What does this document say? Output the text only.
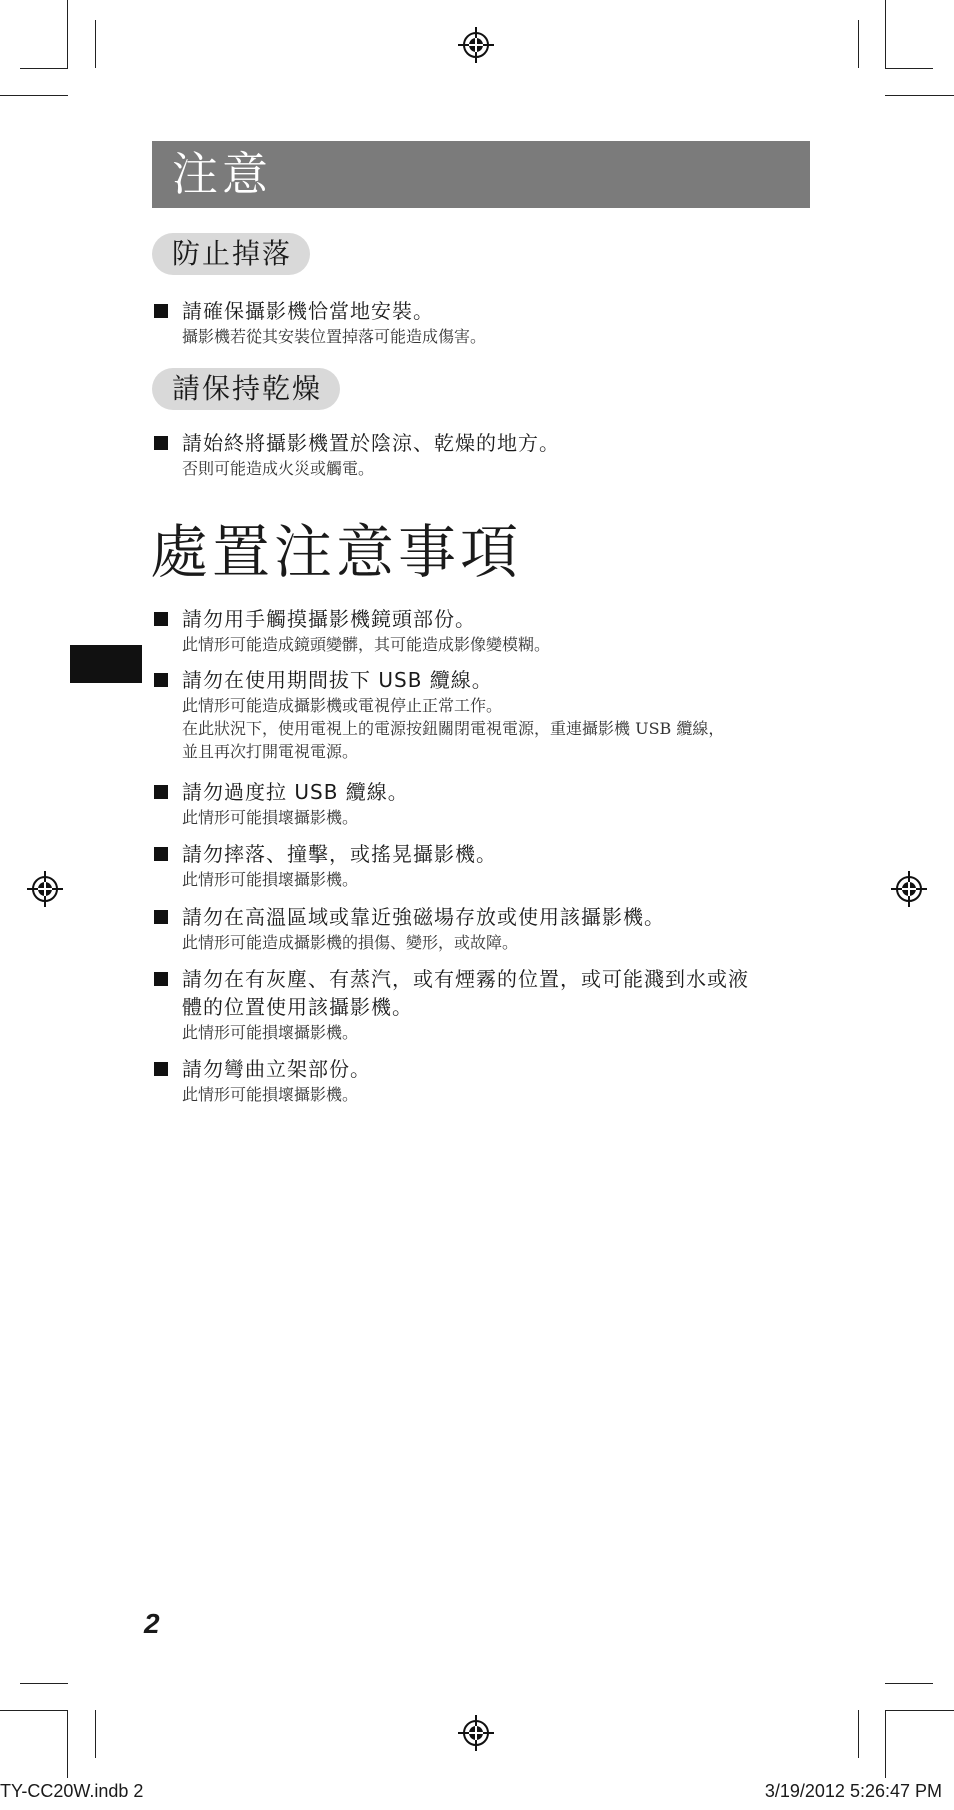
注意
防止掉落
請確保攝影機恰當地安裝。
攝影機若從其安裝位置掉落可能造成傷害。
請保持乾燥
請始終將攝影機置於陰涼、乾燥的地方。
否則可能造成火災或觸電。
處置注意事項
請勿用手觸摸攝影機鏡頭部份。
此情形可能造成鏡頭變髒，其可能造成影像變模糊。
請勿在使用期間拔下 USB 纜線。
此情形可能造成攝影機或電視停止正常工作。
在此狀況下，使用電視上的電源按鈕關閉電視電源，重連攝影機 USB 纜線，
並且再次打開電視電源。
請勿過度拉 USB 纜線。
此情形可能損壞攝影機。
請勿摔落、撞擊，或搖晃攝影機。
此情形可能損壞攝影機。
請勿在高溫區域或靠近強磁場存放或使用該攝影機。
此情形可能造成攝影機的損傷、變形，或故障。
請勿在有灰塵、有蒸汽，或有煙霧的位置，或可能濺到水或液
體的位置使用該攝影機。
此情形可能損壞攝影機。
請勿彎曲立架部份。
此情形可能損壞攝影機。
2
TY-CC20W.indb 2	3/19/2012 5:26:47 PM
